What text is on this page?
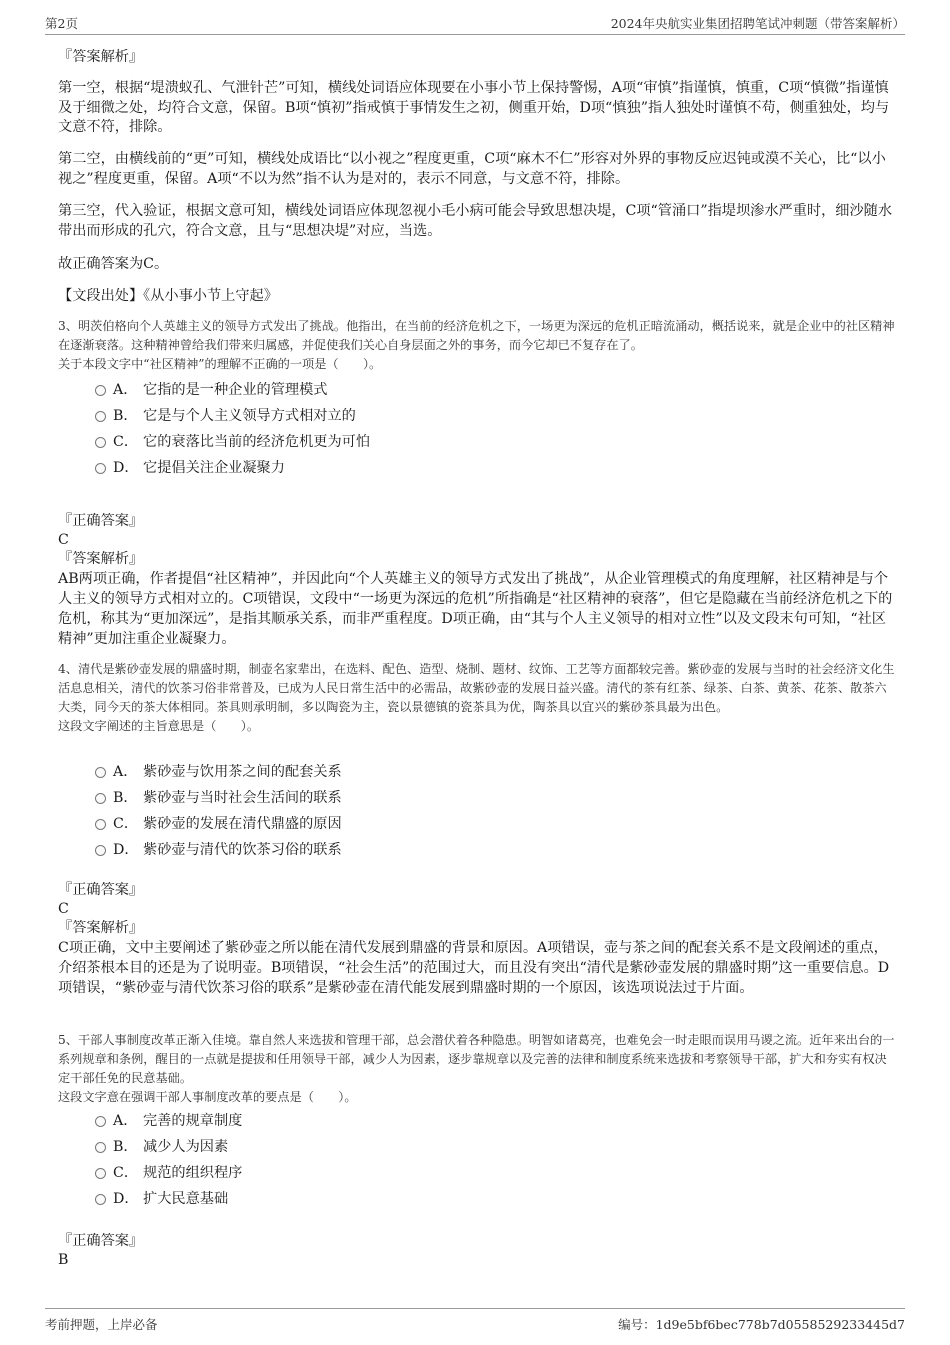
第2页	2024年央航实业集团招聘笔试冲刺题（带答案解析）

『答案解析』

第一空，根据“堤溃蚁孔、气泄针芒”可知，横线处词语应体现要在小事小节上保持警惕，A项“审慎”指谨慎，慎重，C项“慎微”指谨慎及于细微之处，均符合文意，保留。B项“慎初”指戒慎于事情发生之初，侧重开始，D项“慎独”指人独处时谨慎不苟，侧重独处，均与文意不符，排除。

第二空，由横线前的“更”可知，横线处成语比“以小视之”程度更重，C项“麻木不仁”形容对外界的事物反应迟钝或漠不关心，比“以小视之”程度更重，保留。A项“不以为然”指不认为是对的，表示不同意，与文意不符，排除。

第三空，代入验证，根据文意可知，横线处词语应体现忽视小毛小病可能会导致思想决堤，C项“管涌口”指堤坝渗水严重时，细沙随水带出而形成的孔穴，符合文意，且与“思想决堤”对应，当选。

故正确答案为C。

【文段出处】《从小事小节上守起》

3、明茨伯格向个人英雄主义的领导方式发出了挑战。他指出，在当前的经济危机之下，一场更为深远的危机正暗流涌动，概括说来，就是企业中的社区精神在逐渐衰落。这种精神曾给我们带来归属感，并促使我们关心自身层面之外的事务，而今它却已不复存在了。

关于本段文字中“社区精神”的理解不正确的一项是（　　）。

A． 它指的是一种企业的管理模式
B． 它是与个人主义领导方式相对立的
C． 它的衰落比当前的经济危机更为可怕
D． 它提倡关注企业凝聚力

『正确答案』

C

『答案解析』

AB两项正确，作者提倡“社区精神”，并因此向“个人英雄主义的领导方式发出了挑战”，从企业管理模式的角度理解，社区精神是与个人主义的领导方式相对立的。C项错误，文段中“一场更为深远的危机”所指确是“社区精神的衰落”，但它是隐藏在当前经济危机之下的危机，称其为“更加深远”，是指其顺承关系，而非严重程度。D项正确，由“其与个人主义领导的相对立性”以及文段末句可知，“社区精神”更加注重企业凝聚力。

4、清代是紫砂壶发展的鼎盛时期，制壶名家辈出，在选料、配色、造型、烧制、题材、纹饰、工艺等方面都较完善。紫砂壶的发展与当时的社会经济文化生活息息相关，清代的饮茶习俗非常普及，已成为人民日常生活中的必需品，故紫砂壶的发展日益兴盛。清代的茶有红茶、绿茶、白茶、黄茶、花茶、散茶六大类，同今天的茶大体相同。茶具则承明制，多以陶瓷为主，瓷以景德镇的瓷茶具为优，陶茶具以宜兴的紫砂茶具最为出色。

这段文字阐述的主旨意思是（　　）。

A． 紫砂壶与饮用茶之间的配套关系
B． 紫砂壶与当时社会生活间的联系
C． 紫砂壶的发展在清代鼎盛的原因
D． 紫砂壶与清代的饮茶习俗的联系

『正确答案』

C

『答案解析』

C项正确，文中主要阐述了紫砂壶之所以能在清代发展到鼎盛的背景和原因。A项错误，壶与茶之间的配套关系不是文段阐述的重点，介绍茶根本目的还是为了说明壶。B项错误，“社会生活”的范围过大，而且没有突出“清代是紫砂壶发展的鼎盛时期”这一重要信息。D项错误，“紫砂壶与清代饮茶习俗的联系”是紫砂壶在清代能发展到鼎盛时期的一个原因，该选项说法过于片面。

5、干部人事制度改革正渐入佳境。靠自然人来选拔和管理干部，总会潜伏着各种隐患。明智如诸葛亮，也难免会一时走眼而误用马谡之流。近年来出台的一系列规章和条例，醒目的一点就是提拔和任用领导干部，减少人为因素，逐步靠规章以及完善的法律和制度系统来选拔和考察领导干部，扩大和夯实有权决定干部任免的民意基础。

这段文字意在强调干部人事制度改革的要点是（　　）。

A． 完善的规章制度
B． 减少人为因素
C． 规范的组织程序
D． 扩大民意基础

『正确答案』

B

考前押题，上岸必备	编号：1d9e5bf6bec778b7d0558529233445d7
